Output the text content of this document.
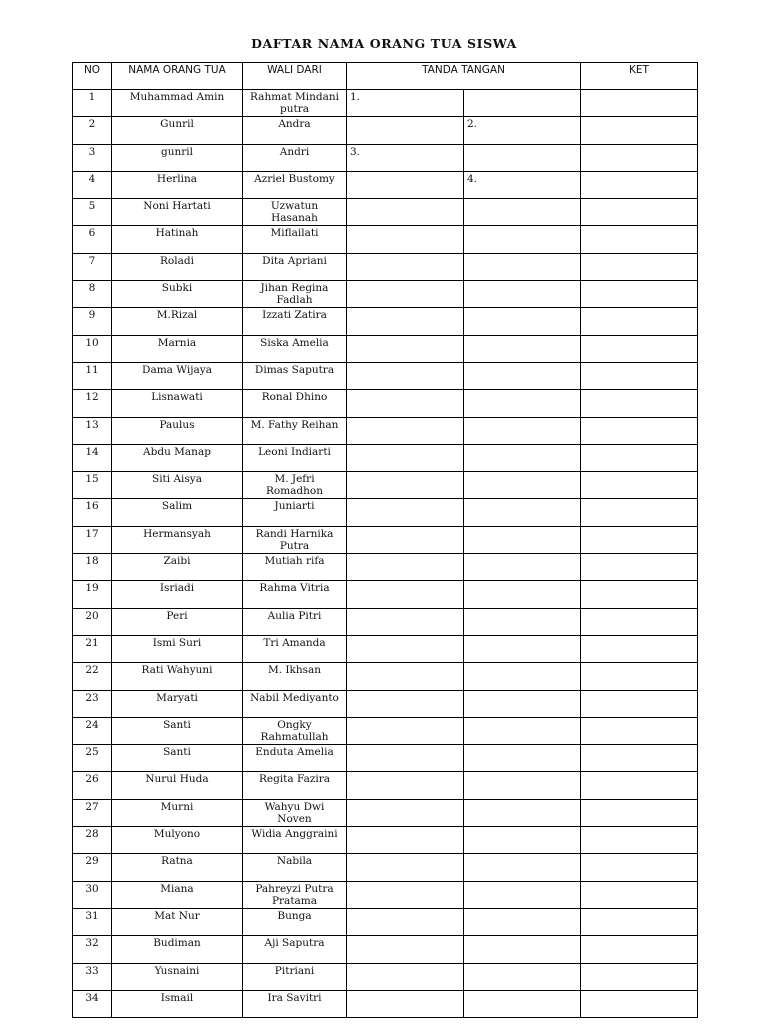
DAFTAR NAMA ORANG TUA SISWA
NO	NAMA ORANG TUA	WALI DARI	TANDA TANGAN		KET
1	Muhammad Amin	Rahmat Mindani putra	1.		
2	Gunril	Andra		2.	
3	gunril	Andri	3.		
4	Herlina	Azriel Bustomy		4.	
5	Noni Hartati	Uzwatun Hasanah			
6	Hatinah	Miflailati			
7	Roladi	Dita Apriani			
8	Subki	Jihan Regina Fadlah			
9	M.Rizal	Izzati Zatira			
10	Marnia	Siska Amelia			
11	Dama Wijaya	Dimas Saputra			
12	Lisnawati	Ronal Dhino			
13	Paulus	M. Fathy Reihan			
14	Abdu Manap	Leoni Indiarti			
15	Siti Aisya	M. Jefri Romadhon			
16	Salim	Juniarti			
17	Hermansyah	Randi Harnika Putra			
18	Zaibi	Mutiah rifa			
19	Isriadi	Rahma Vitria			
20	Peri	Aulia Pitri			
21	Ismi Suri	Tri Amanda			
22	Rati Wahyuni	M. Ikhsan			
23	Maryati	Nabil Mediyanto			
24	Santi	Ongky Rahmatullah			
25	Santi	Enduta Amelia			
26	Nurul Huda	Regita Fazira			
27	Murni	Wahyu Dwi Noven			
28	Mulyono	Widia Anggraini			
29	Ratna	Nabila			
30	Miana	Pahreyzi Putra Pratama			
31	Mat Nur	Bunga			
32	Budiman	Aji Saputra			
33	Yusnaini	Pitriani			
34	Ismail	Ira Savitri			
